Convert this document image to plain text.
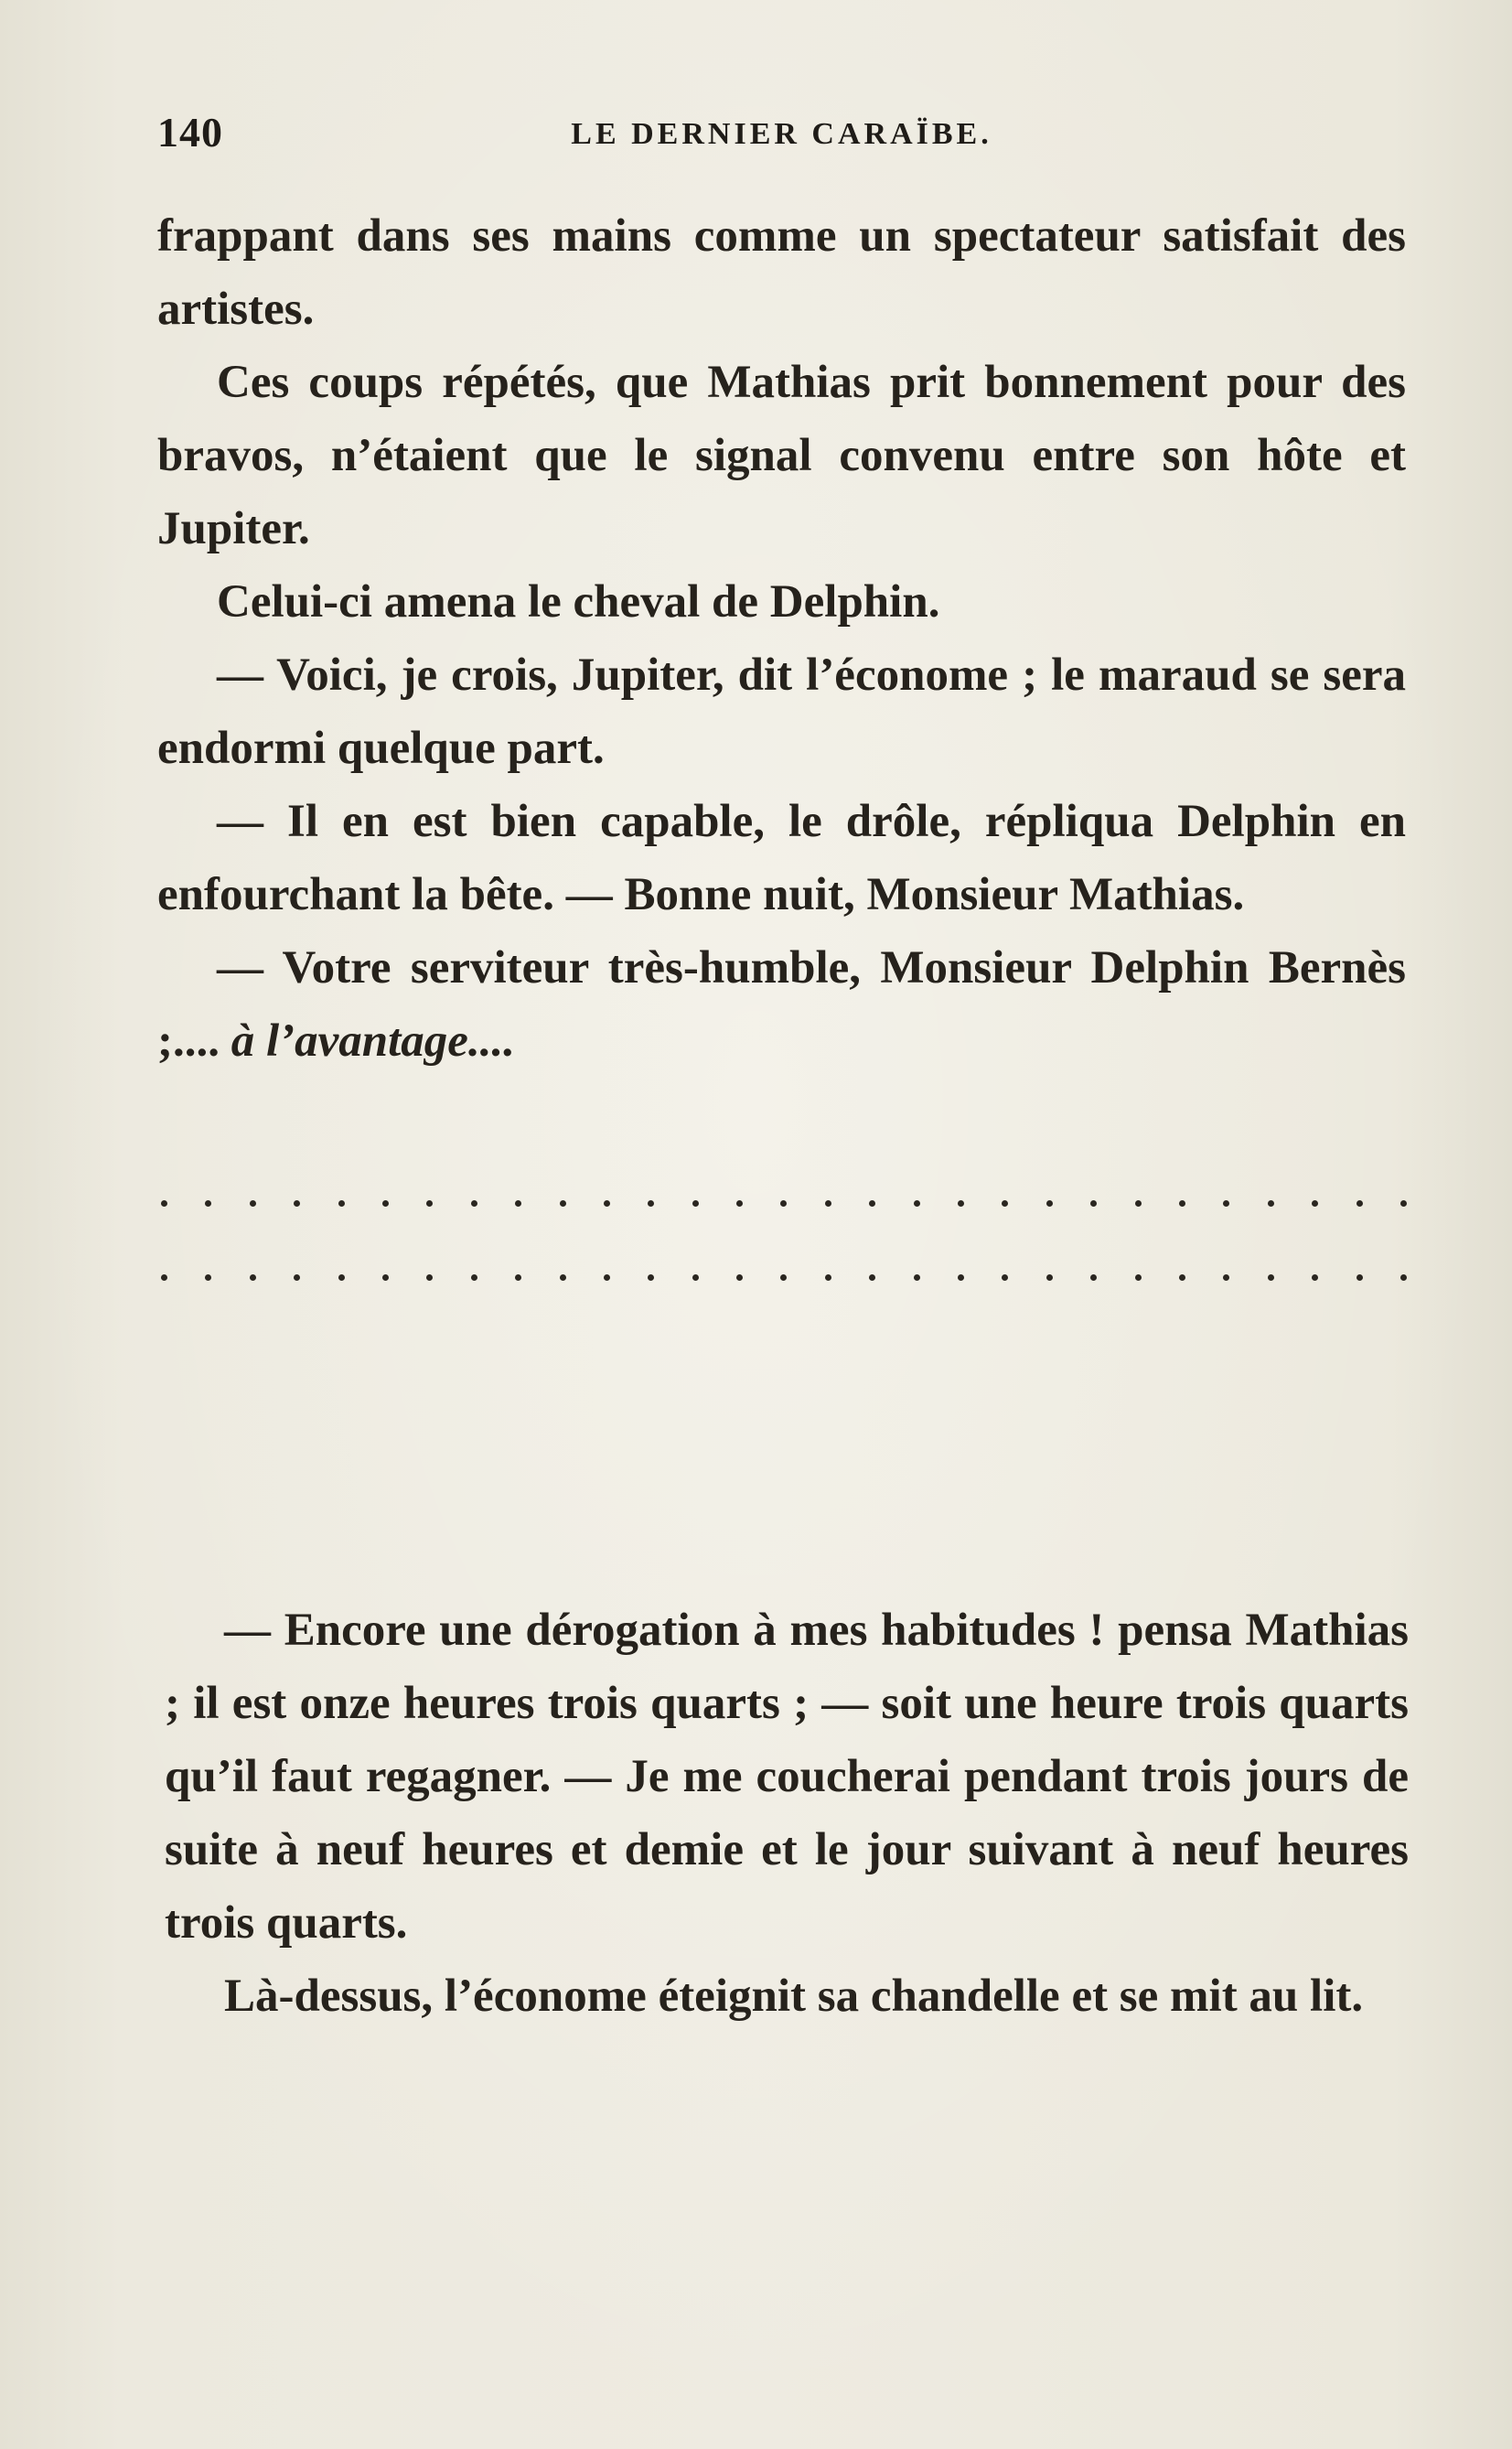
140	LE DERNIER CARAÏBE.

frappant dans ses mains comme un spectateur satisfait des artistes.

Ces coups répétés, que Mathias prit bonnement pour des bravos, n’étaient que le signal convenu entre son hôte et Jupiter.

Celui-ci amena le cheval de Delphin.

— Voici, je crois, Jupiter, dit l’économe ; le maraud se sera endormi quelque part.

— Il en est bien capable, le drôle, répliqua Delphin en enfourchant la bête. — Bonne nuit, Monsieur Mathias.

— Votre serviteur très-humble, Monsieur Delphin Bernès ;.... à l’avantage....

— Encore une dérogation à mes habitudes ! pensa Mathias ; il est onze heures trois quarts ; — soit une heure trois quarts qu’il faut regagner. — Je me coucherai pendant trois jours de suite à neuf heures et demie et le jour suivant à neuf heures trois quarts.

Là-dessus, l’économe éteignit sa chandelle et se mit au lit.
